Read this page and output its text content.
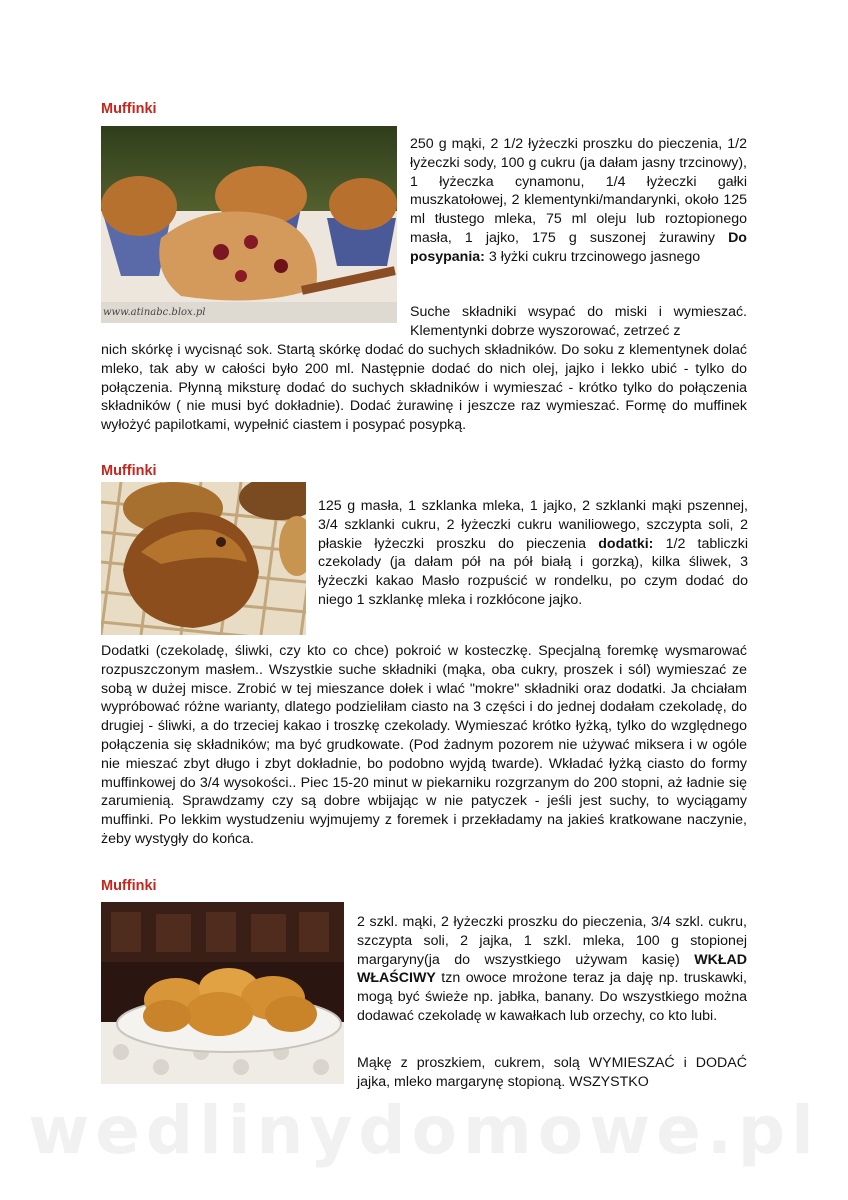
Muffinki
www.atinabc.blox.pl

250 g mąki, 2 1/2 łyżeczki proszku do pieczenia, 1/2 łyżeczki sody, 100 g cukru (ja dałam jasny trzcinowy), 1 łyżeczka cynamonu, 1/4 łyżeczki gałki muszkatołowej, 2 klementynki/mandarynki, około 125 ml tłustego mleka, 75 ml oleju lub roztopionego masła, 1 jajko, 175 g suszonej żurawiny Do posypania: 3 łyżki cukru trzcinowego jasnego

Suche składniki wsypać do miski i wymieszać. Klementynki dobrze wyszorować, zetrzeć z

nich skórkę i wycisnąć sok. Startą skórkę dodać do suchych składników. Do soku z klementynek dolać mleko, tak aby w całości było 200 ml. Następnie dodać do nich olej, jajko i lekko ubić - tylko do połączenia. Płynną miksturę dodać do suchych składników i wymieszać - krótko tylko do połączenia składników ( nie musi być dokładnie). Dodać żurawinę i jeszcze raz wymieszać. Formę do muffinek wyłożyć papilotkami, wypełnić ciastem i posypać posypką.

Muffinki

125 g masła, 1 szklanka mleka, 1 jajko, 2 szklanki mąki pszennej, 3/4 szklanki cukru, 2 łyżeczki cukru waniliowego, szczypta soli, 2 płaskie łyżeczki proszku do pieczenia dodatki: 1/2 tabliczki czekolady (ja dałam pół na pół białą i gorzką), kilka śliwek, 3 łyżeczki kakao Masło rozpuścić w rondelku, po czym dodać do niego 1 szklankę mleka i rozkłócone jajko.

Dodatki (czekoladę, śliwki, czy kto co chce) pokroić w kosteczkę. Specjalną foremkę wysmarować rozpuszczonym masłem.. Wszystkie suche składniki (mąka, oba cukry, proszek i sól) wymieszać ze sobą w dużej misce. Zrobić w tej mieszance dołek i wlać "mokre" składniki oraz dodatki. Ja chciałam wypróbować różne warianty, dlatego podzieliłam ciasto na 3 części i do jednej dodałam czekoladę, do drugiej - śliwki, a do trzeciej kakao i troszkę czekolady. Wymieszać krótko łyżką, tylko do względnego połączenia się składników; ma być grudkowate. (Pod żadnym pozorem nie używać miksera i w ogóle nie mieszać zbyt długo i zbyt dokładnie, bo podobno wyjdą twarde). Wkładać łyżką ciasto do formy muffinkowej do 3/4 wysokości.. Piec 15-20 minut w piekarniku rozgrzanym do 200 stopni, aż ładnie się zarumienią. Sprawdzamy czy są dobre wbijając w nie patyczek - jeśli jest suchy, to wyciągamy muffinki. Po lekkim wystudzeniu wyjmujemy z foremek i przekładamy na jakieś kratkowane naczynie, żeby wystygły do końca.

Muffinki

2 szkl. mąki, 2 łyżeczki proszku do pieczenia, 3/4 szkl. cukru, szczypta soli, 2 jajka, 1 szkl. mleka, 100 g stopionej margaryny(ja do wszystkiego używam kasię) WKŁAD WŁAŚCIWY tzn owoce mrożone teraz ja daję np. truskawki, mogą być świeże np. jabłka, banany. Do wszystkiego można dodawać czekoladę w kawałkach lub orzechy, co kto lubi.

Mąkę z proszkiem, cukrem, solą WYMIESZAĆ i DODAĆ jajka, mleko margarynę stopioną. WSZYSTKO

wedlinydomowe.pl
